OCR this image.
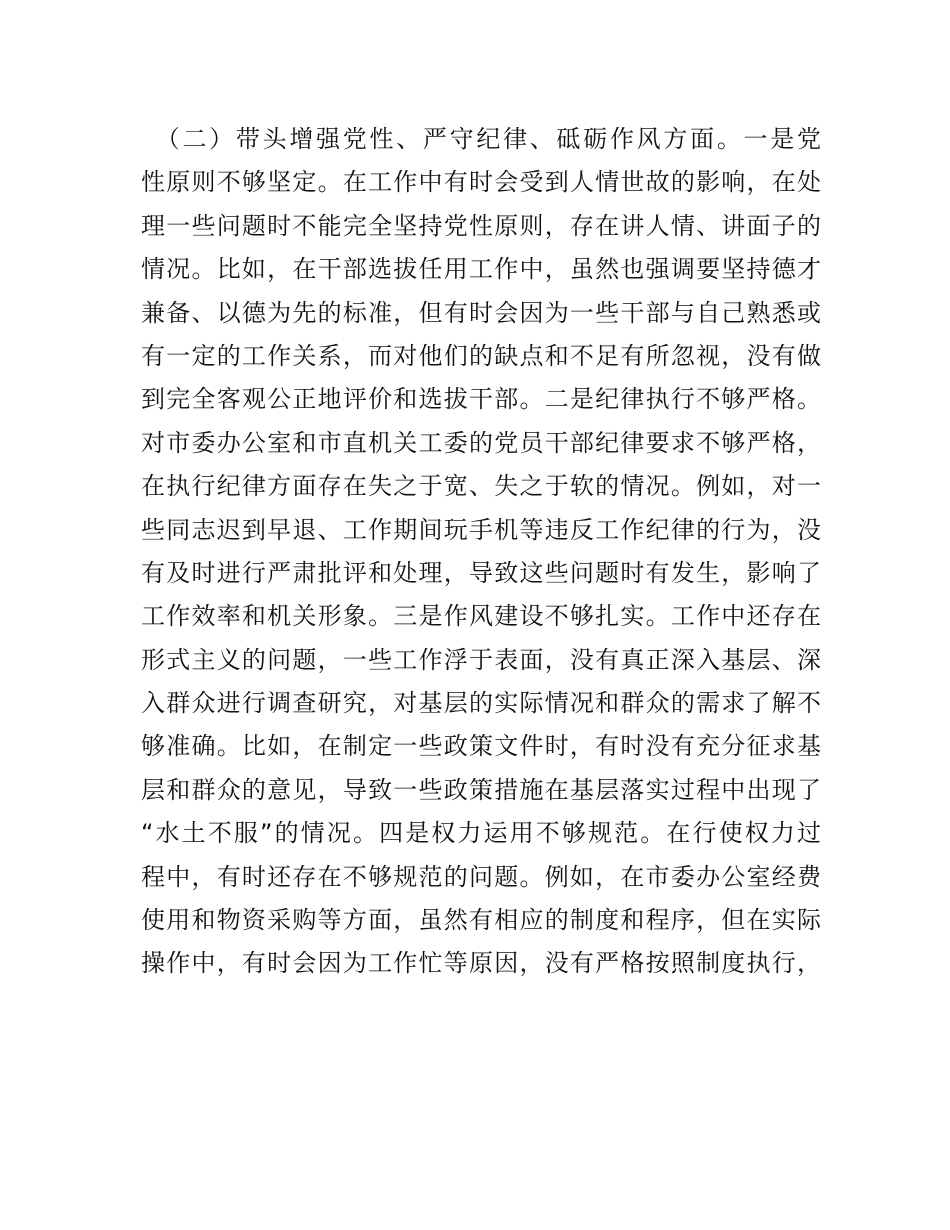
　（二）带头增强党性、严守纪律、砥砺作风方面。一是党
性原则不够坚定。在工作中有时会受到人情世故的影响，在处
理一些问题时不能完全坚持党性原则，存在讲人情、讲面子的
情况。比如，在干部选拔任用工作中，虽然也强调要坚持德才
兼备、以德为先的标准，但有时会因为一些干部与自己熟悉或
有一定的工作关系，而对他们的缺点和不足有所忽视，没有做
到完全客观公正地评价和选拔干部。二是纪律执行不够严格。
对市委办公室和市直机关工委的党员干部纪律要求不够严格，
在执行纪律方面存在失之于宽、失之于软的情况。例如，对一
些同志迟到早退、工作期间玩手机等违反工作纪律的行为，没
有及时进行严肃批评和处理，导致这些问题时有发生，影响了
工作效率和机关形象。三是作风建设不够扎实。工作中还存在
形式主义的问题，一些工作浮于表面，没有真正深入基层、深
入群众进行调查研究，对基层的实际情况和群众的需求了解不
够准确。比如，在制定一些政策文件时，有时没有充分征求基
层和群众的意见，导致一些政策措施在基层落实过程中出现了
“水土不服”的情况。四是权力运用不够规范。在行使权力过
程中，有时还存在不够规范的问题。例如，在市委办公室经费
使用和物资采购等方面，虽然有相应的制度和程序，但在实际
操作中，有时会因为工作忙等原因，没有严格按照制度执行，
